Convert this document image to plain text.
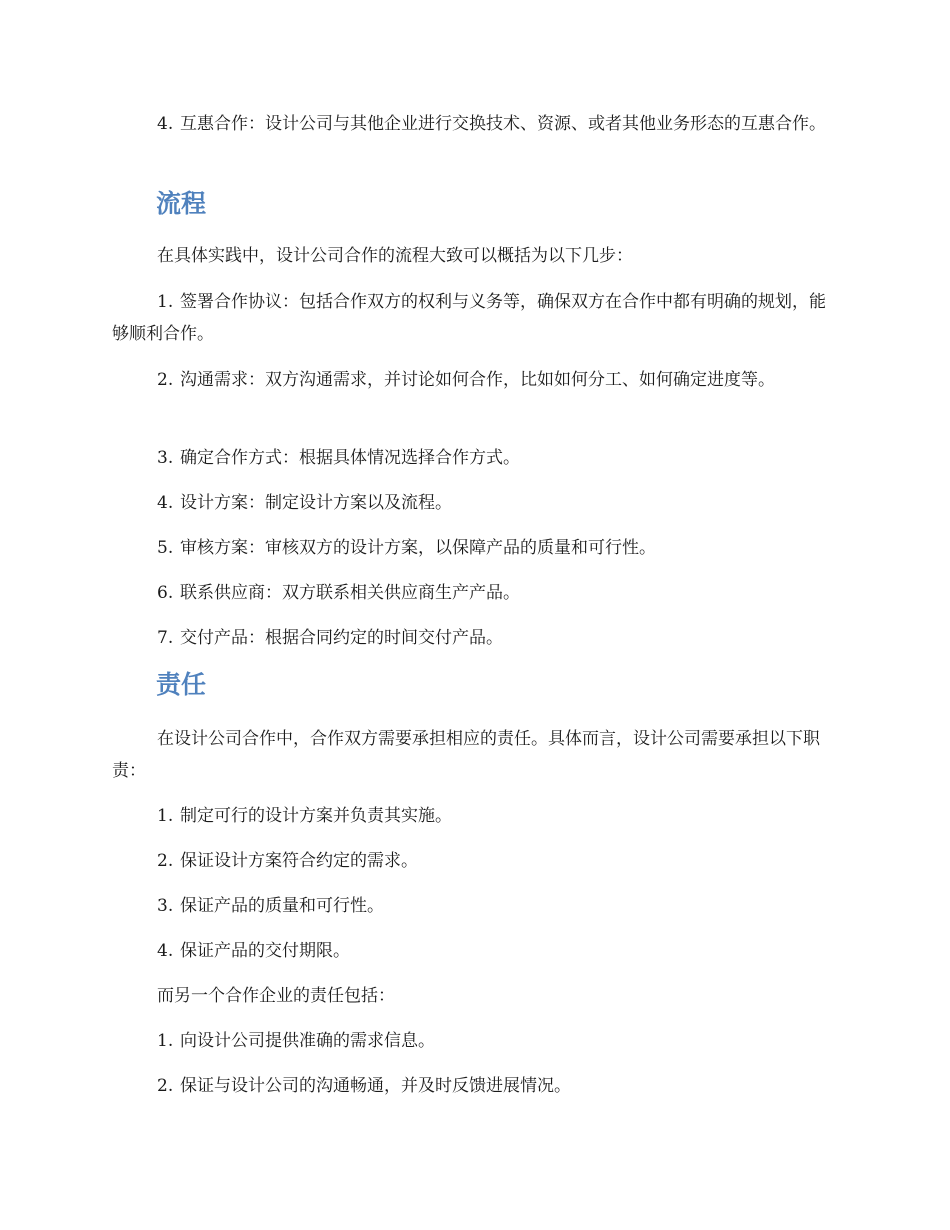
4. 互惠合作：设计公司与其他企业进行交换技术、资源、或者其他业务形态的互惠合作。
流程
在具体实践中，设计公司合作的流程大致可以概括为以下几步：
1. 签署合作协议：包括合作双方的权利与义务等，确保双方在合作中都有明确的规划，能够顺利合作。
2. 沟通需求：双方沟通需求，并讨论如何合作，比如如何分工、如何确定进度等。
3. 确定合作方式：根据具体情况选择合作方式。
4. 设计方案：制定设计方案以及流程。
5. 审核方案：审核双方的设计方案，以保障产品的质量和可行性。
6. 联系供应商：双方联系相关供应商生产产品。
7. 交付产品：根据合同约定的时间交付产品。
责任
在设计公司合作中，合作双方需要承担相应的责任。具体而言，设计公司需要承担以下职责：
1. 制定可行的设计方案并负责其实施。
2. 保证设计方案符合约定的需求。
3. 保证产品的质量和可行性。
4. 保证产品的交付期限。
而另一个合作企业的责任包括：
1. 向设计公司提供准确的需求信息。
2. 保证与设计公司的沟通畅通，并及时反馈进展情况。
